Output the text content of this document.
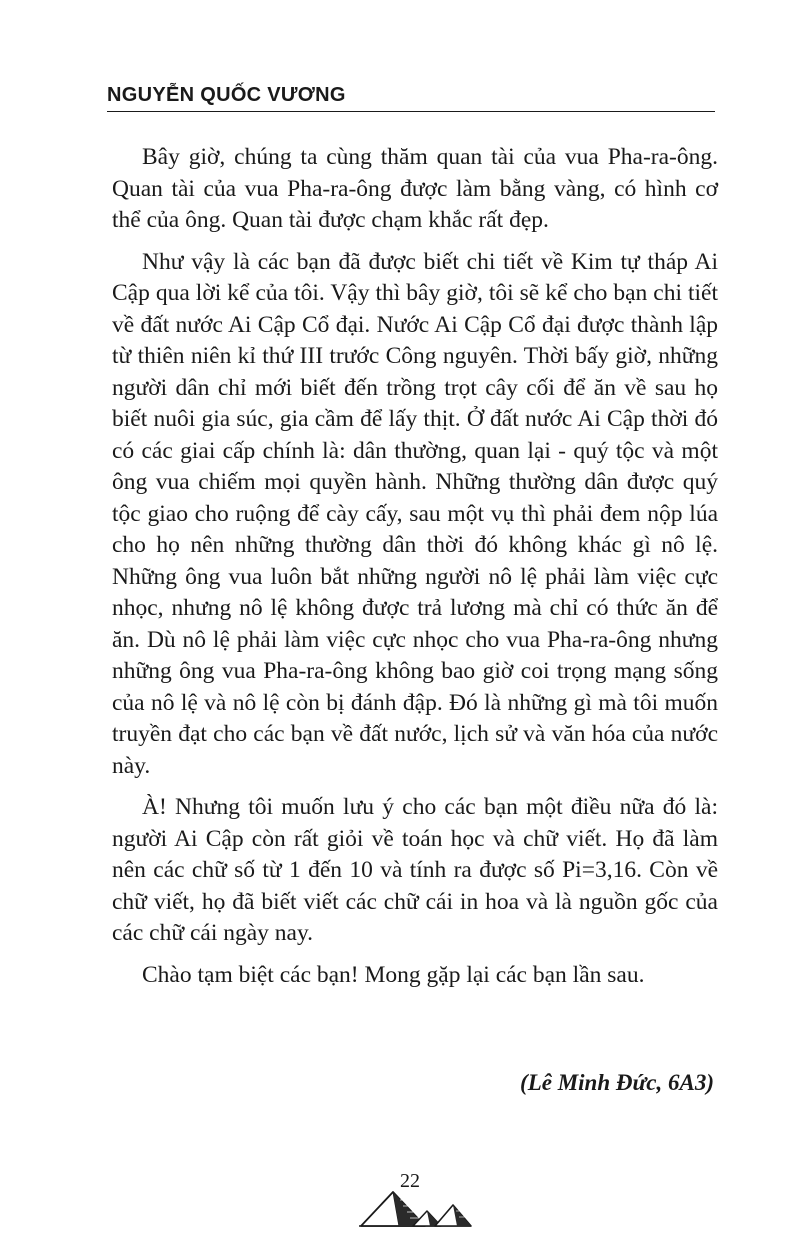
NGUYỄN QUỐC VƯƠNG

Bây giờ, chúng ta cùng thăm quan tài của vua Pha-ra-ông. Quan tài của vua Pha-ra-ông được làm bằng vàng, có hình cơ thể của ông. Quan tài được chạm khắc rất đẹp.

Như vậy là các bạn đã được biết chi tiết về Kim tự tháp Ai Cập qua lời kể của tôi. Vậy thì bây giờ, tôi sẽ kể cho bạn chi tiết về đất nước Ai Cập Cổ đại. Nước Ai Cập Cổ đại được thành lập từ thiên niên kỉ thứ III trước Công nguyên. Thời bấy giờ, những người dân chỉ mới biết đến trồng trọt cây cối để ăn về sau họ biết nuôi gia súc, gia cầm để lấy thịt. Ở đất nước Ai Cập thời đó có các giai cấp chính là: dân thường, quan lại - quý tộc và một ông vua chiếm mọi quyền hành. Những thường dân được quý tộc giao cho ruộng để cày cấy, sau một vụ thì phải đem nộp lúa cho họ nên những thường dân thời đó không khác gì nô lệ. Những ông vua luôn bắt những người nô lệ phải làm việc cực nhọc, nhưng nô lệ không được trả lương mà chỉ có thức ăn để ăn. Dù nô lệ phải làm việc cực nhọc cho vua Pha-ra-ông nhưng những ông vua Pha-ra-ông không bao giờ coi trọng mạng sống của nô lệ và nô lệ còn bị đánh đập. Đó là những gì mà tôi muốn truyền đạt cho các bạn về đất nước, lịch sử và văn hóa của nước này.

À! Nhưng tôi muốn lưu ý cho các bạn một điều nữa đó là: người Ai Cập còn rất giỏi về toán học và chữ viết. Họ đã làm nên các chữ số từ 1 đến 10 và tính ra được số Pi=3,16. Còn về chữ viết, họ đã biết viết các chữ cái in hoa và là nguồn gốc của các chữ cái ngày nay.

Chào tạm biệt các bạn! Mong gặp lại các bạn lần sau.

(Lê Minh Đức, 6A3)
22
